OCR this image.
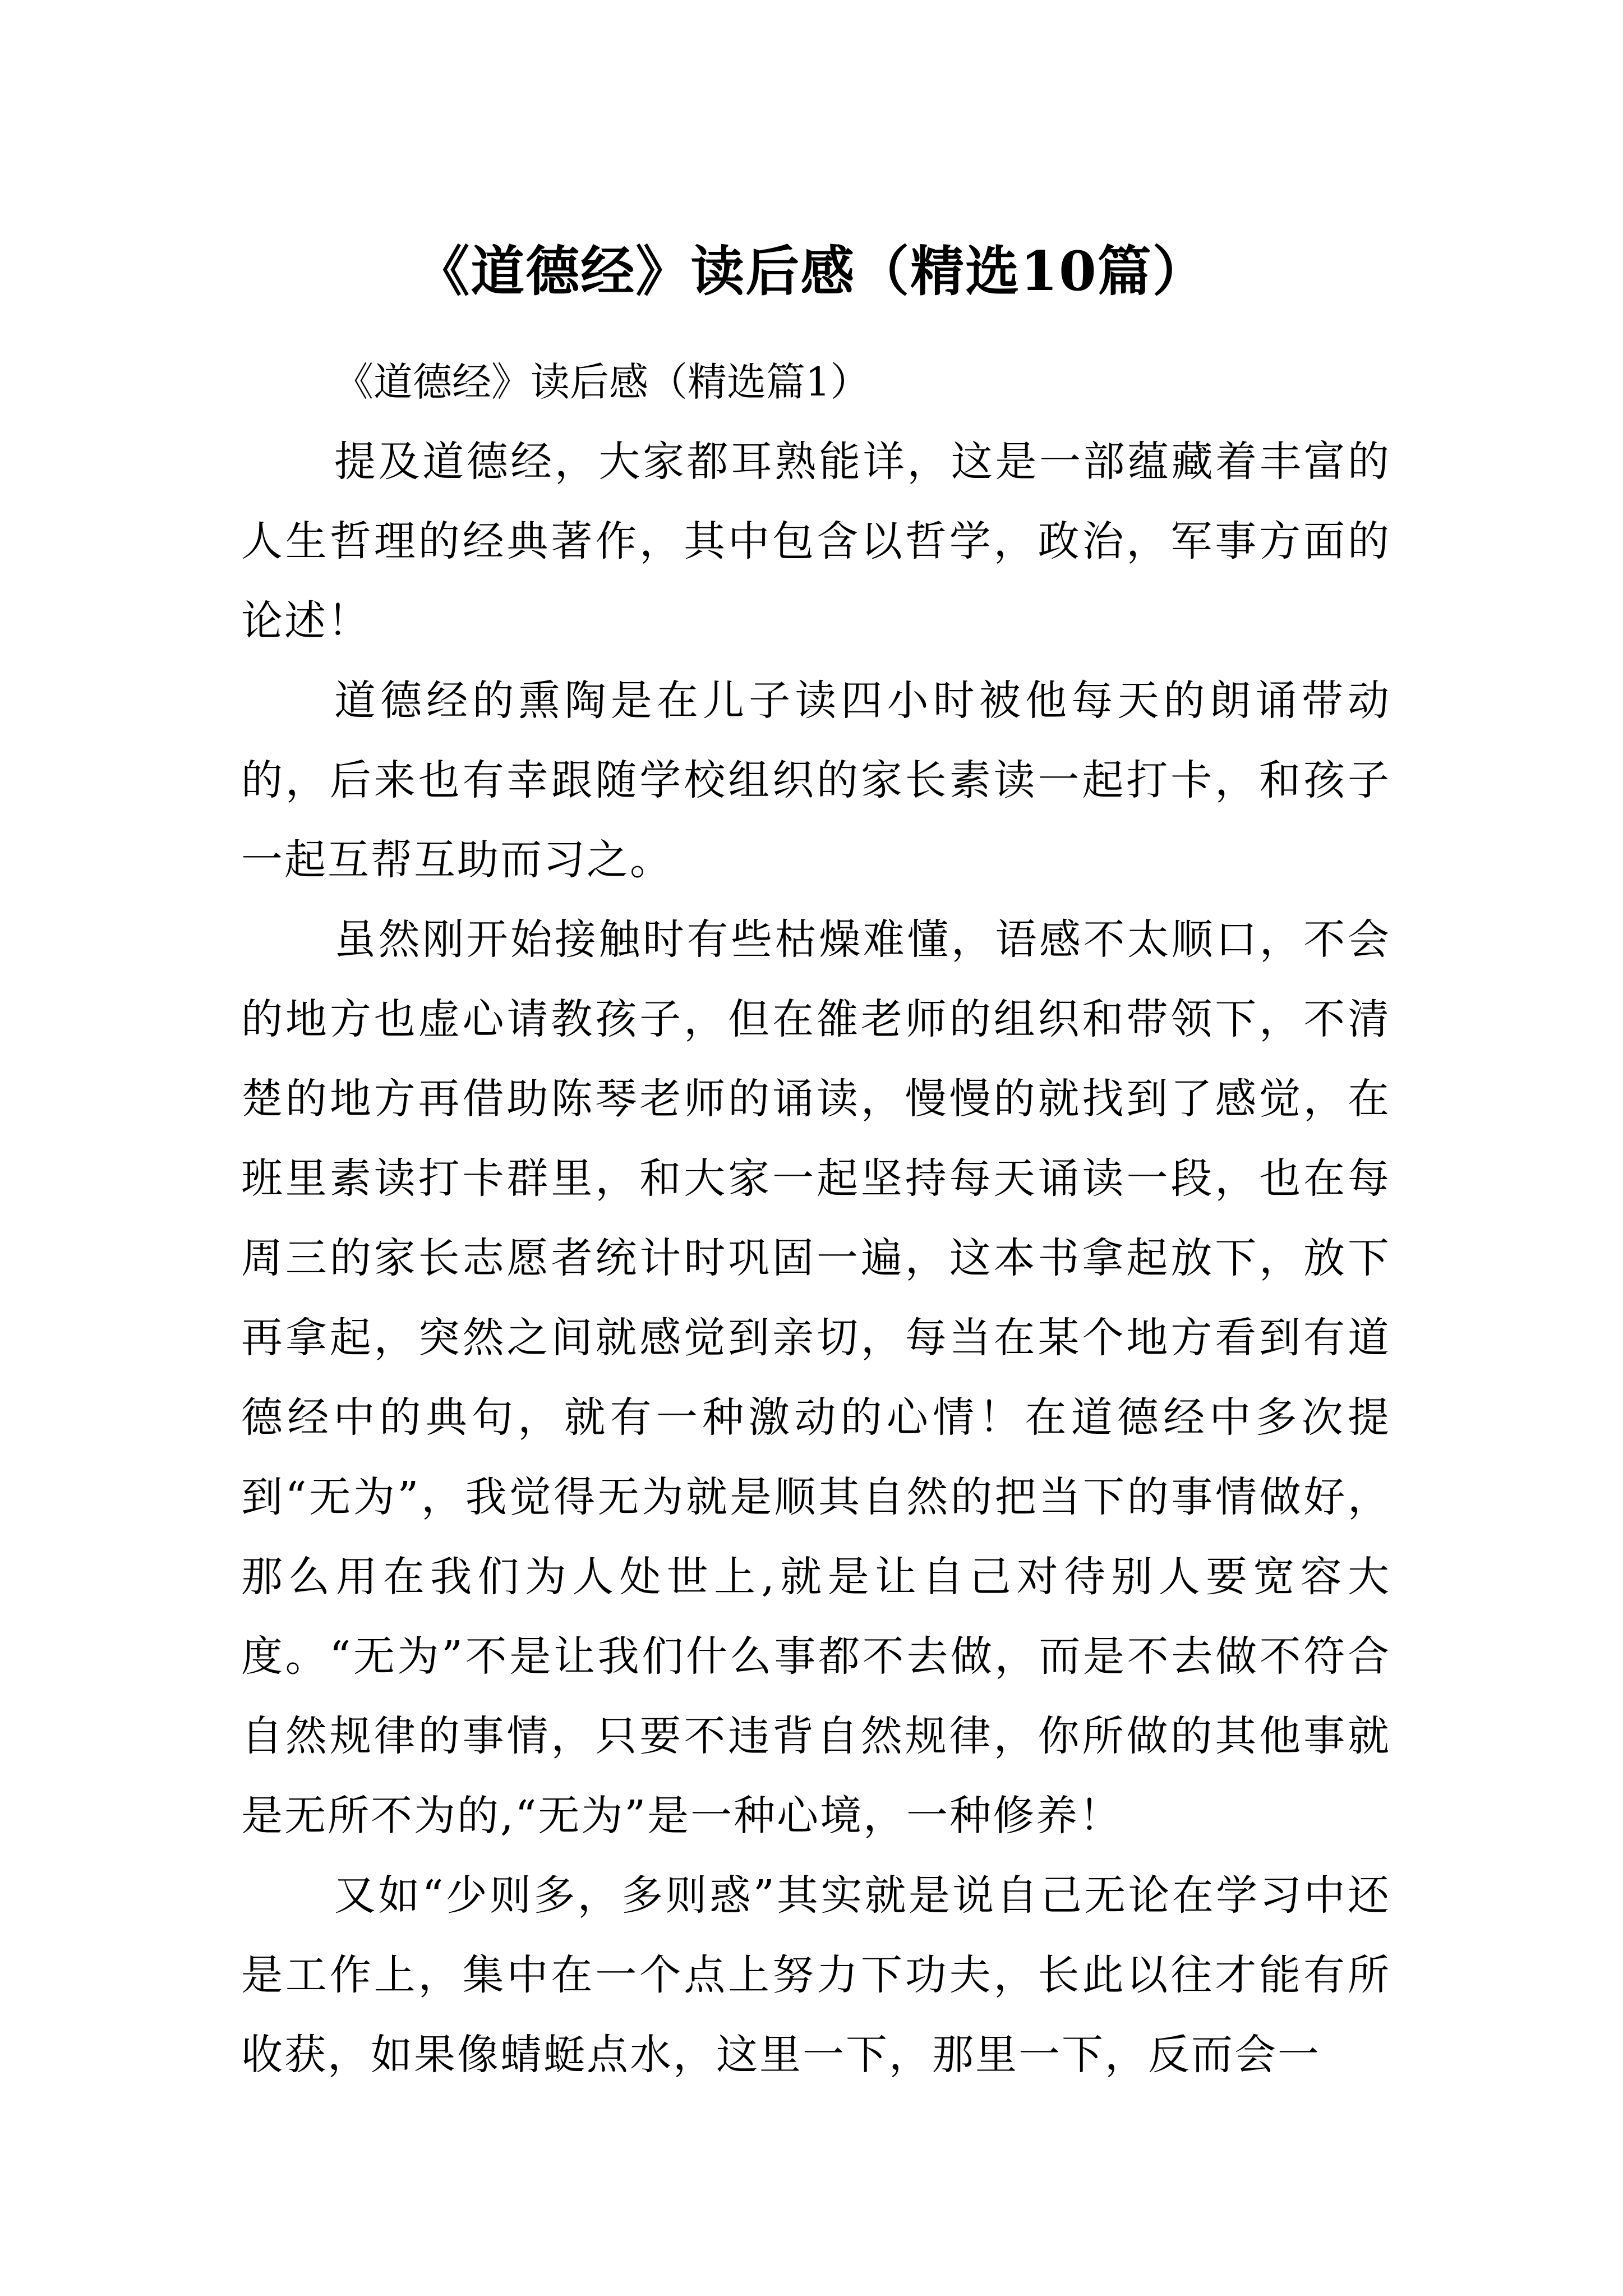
《道德经》读后感（精选10篇）

《道德经》读后感（精选篇1）

提及道德经，大家都耳熟能详，这是一部蕴藏着丰富的人生哲理的经典著作，其中包含以哲学，政治，军事方面的论述！

道德经的熏陶是在儿子读四小时被他每天的朗诵带动的，后来也有幸跟随学校组织的家长素读一起打卡，和孩子一起互帮互助而习之。

虽然刚开始接触时有些枯燥难懂，语感不太顺口，不会的地方也虚心请教孩子，但在雒老师的组织和带领下，不清楚的地方再借助陈琴老师的诵读，慢慢的就找到了感觉，在班里素读打卡群里，和大家一起坚持每天诵读一段，也在每周三的家长志愿者统计时巩固一遍，这本书拿起放下，放下再拿起，突然之间就感觉到亲切，每当在某个地方看到有道德经中的典句，就有一种激动的心情！在道德经中多次提到“无为”，我觉得无为就是顺其自然的把当下的事情做好，那么用在我们为人处世上,就是让自己对待别人要宽容大度。“无为”不是让我们什么事都不去做，而是不去做不符合自然规律的事情，只要不违背自然规律，你所做的其他事就是无所不为的,“无为”是一种心境，一种修养！

又如“少则多，多则惑”其实就是说自己无论在学习中还是工作上，集中在一个点上努力下功夫，长此以往才能有所收获，如果像蜻蜓点水，这里一下，那里一下，反而会一
